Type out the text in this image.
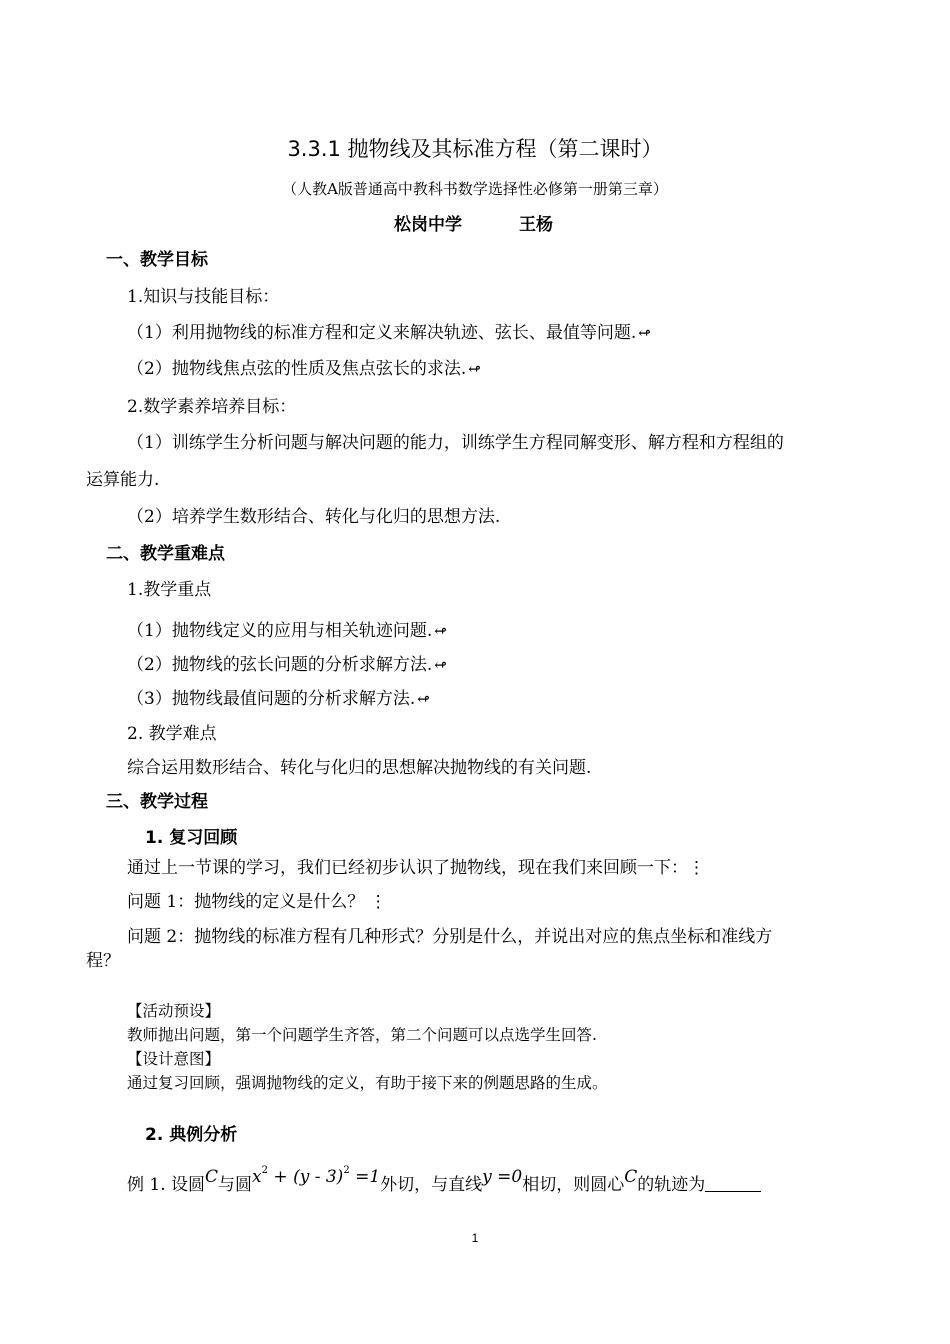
3.3.1 抛物线及其标准方程（第二课时）
（人教A版普通高中教科书数学选择性必修第一册第三章）
松岗中学	王杨
一、教学目标
1.知识与技能目标：
（1）利用抛物线的标准方程和定义来解决轨迹、弦长、最值等问题. ↫
（2）抛物线焦点弦的性质及焦点弦长的求法. ↫
2.数学素养培养目标：
（1）训练学生分析问题与解决问题的能力，训练学生方程同解变形、解方程和方程组的
运算能力.
（2）培养学生数形结合、转化与化归的思想方法.
二、教学重难点
1.教学重点
（1）抛物线定义的应用与相关轨迹问题. ↫
（2）抛物线的弦长问题的分析求解方法. ↫
（3）抛物线最值问题的分析求解方法. ↫
2. 教学难点
综合运用数形结合、转化与化归的思想解决抛物线的有关问题.
三、教学过程
1. 复习回顾
通过上一节课的学习，我们已经初步认识了抛物线，现在我们来回顾一下：⋮
问题 1：抛物线的定义是什么？ ⋮
问题 2：抛物线的标准方程有几种形式？分别是什么，并说出对应的焦点坐标和准线方
程？
【活动预设】
教师抛出问题，第一个问题学生齐答，第二个问题可以点选学生回答.
【设计意图】
通过复习回顾，强调抛物线的定义，有助于接下来的例题思路的生成。
2. 典例分析
例 1. 设圆C与圆$x^2 + (y - 3)^2 =1$外切，与直线y =0相切，则圆心C的轨迹为
1
